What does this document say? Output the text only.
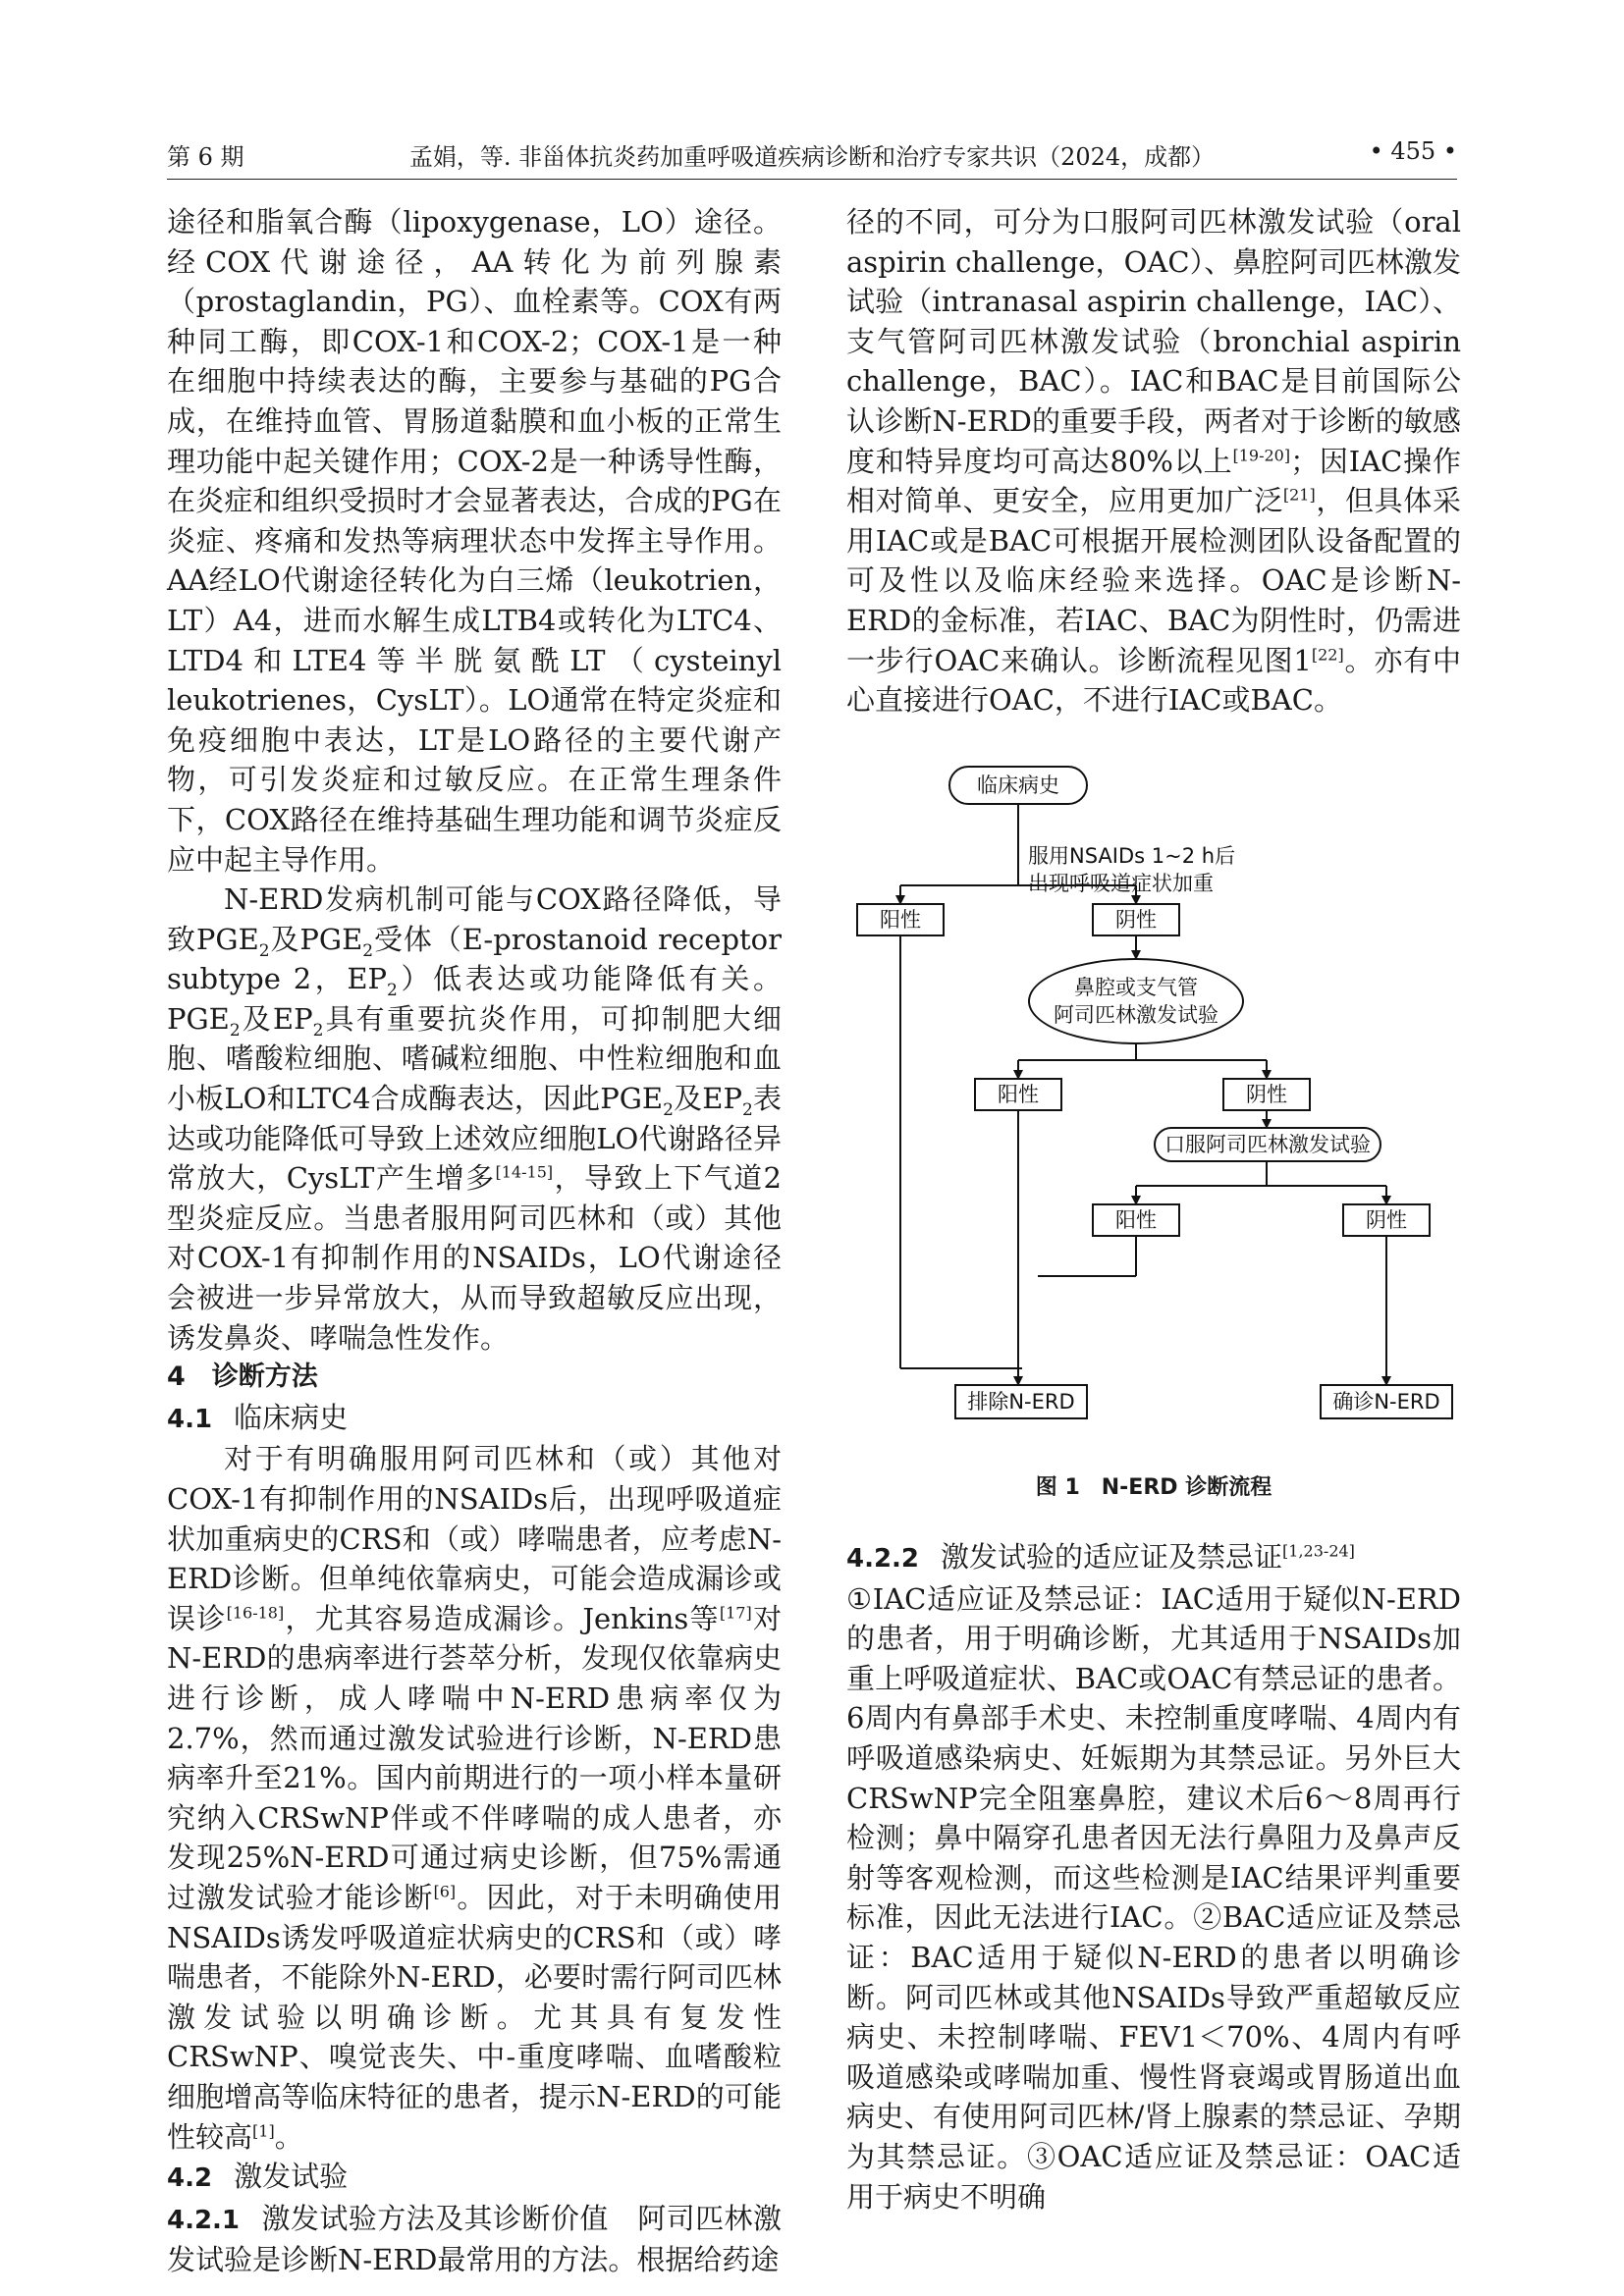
第 6 期	孟娟，等. 非甾体抗炎药加重呼吸道疾病诊断和治疗专家共识（2024，成都）	• 455 •

途径和脂氧合酶（lipoxygenase，LO）途径。经COX代谢途径，AA转化为前列腺素（prostaglandin，PG）、血栓素等。COX有两种同工酶，即COX-1和COX-2；COX-1是一种在细胞中持续表达的酶，主要参与基础的PG合成，在维持血管、胃肠道黏膜和血小板的正常生理功能中起关键作用；COX-2是一种诱导性酶，在炎症和组织受损时才会显著表达，合成的PG在炎症、疼痛和发热等病理状态中发挥主导作用。AA经LO代谢途径转化为白三烯（leukotrien，LT）A4，进而水解生成LTB4或转化为LTC4、LTD4和LTE4等半胱氨酰LT（cysteinyl leukotrienes，CysLT）。LO通常在特定炎症和免疫细胞中表达，LT是LO路径的主要代谢产物，可引发炎症和过敏反应。在正常生理条件下，COX路径在维持基础生理功能和调节炎症反应中起主导作用。

N-ERD发病机制可能与COX路径降低，导致$PGE_2$及$PGE_2$受体（E-prostanoid receptor subtype 2，$EP_2$）低表达或功能降低有关。$PGE_2$及$EP_2$具有重要抗炎作用，可抑制肥大细胞、嗜酸粒细胞、嗜碱粒细胞、中性粒细胞和血小板LO和LTC4合成酶表达，因此$PGE_2$及$EP_2$表达或功能降低可导致上述效应细胞LO代谢路径异常放大，CysLT产生增多[14-15]，导致上下气道2型炎症反应。当患者服用阿司匹林和（或）其他对COX-1有抑制作用的NSAIDs，LO代谢途径会被进一步异常放大，从而导致超敏反应出现，诱发鼻炎、哮喘急性发作。

4　诊断方法

4.1 临床病史

对于有明确服用阿司匹林和（或）其他对COX-1有抑制作用的NSAIDs后，出现呼吸道症状加重病史的CRS和（或）哮喘患者，应考虑N-ERD诊断。但单纯依靠病史，可能会造成漏诊或误诊[16-18]，尤其容易造成漏诊。Jenkins等[17]对N-ERD的患病率进行荟萃分析，发现仅依靠病史进行诊断，成人哮喘中N-ERD患病率仅为2.7%，然而通过激发试验进行诊断，N-ERD患病率升至21%。国内前期进行的一项小样本量研究纳入CRSwNP伴或不伴哮喘的成人患者，亦发现25%N-ERD可通过病史诊断，但75%需通过激发试验才能诊断[6]。因此，对于未明确使用NSAIDs诱发呼吸道症状病史的CRS和（或）哮喘患者，不能除外N-ERD，必要时需行阿司匹林激发试验以明确诊断。尤其具有复发性CRSwNP、嗅觉丧失、中-重度哮喘、血嗜酸粒细胞增高等临床特征的患者，提示N-ERD的可能性较高[1]。

4.2 激发试验

4.2.1 激发试验方法及其诊断价值　 阿司匹林激发试验是诊断N-ERD最常用的方法。根据给药途

径的不同，可分为口服阿司匹林激发试验（oral aspirin challenge，OAC）、鼻腔阿司匹林激发试验（intranasal aspirin challenge，IAC）、支气管阿司匹林激发试验（bronchial aspirin challenge，BAC）。IAC和BAC是目前国际公认诊断N-ERD的重要手段，两者对于诊断的敏感度和特异度均可高达80%以上[19-20]；因IAC操作相对简单、更安全，应用更加广泛[21]，但具体采用IAC或是BAC可根据开展检测团队设备配置的可及性以及临床经验来选择。OAC是诊断N-ERD的金标准，若IAC、BAC为阴性时，仍需进一步行OAC来确认。诊断流程见图1[22]。亦有中心直接进行OAC，不进行IAC或BAC。

临床病史
服用NSAIDs 1~2 h后
出现呼吸道症状加重
阳性	阴性
鼻腔或支气管
阿司匹林激发试验
阳性	阴性
口服阿司匹林激发试验
阳性	阴性
排除N-ERD	确诊N-ERD
图 1 N-ERD 诊断流程

4.2.2 激发试验的适应证及禁忌证[1,23-24]

①IAC适应证及禁忌证：IAC适用于疑似N-ERD的患者，用于明确诊断，尤其适用于NSAIDs加重上呼吸道症状、BAC或OAC有禁忌证的患者。6周内有鼻部手术史、未控制重度哮喘、4周内有呼吸道感染病史、妊娠期为其禁忌证。另外巨大CRSwNP完全阻塞鼻腔，建议术后6～8周再行检测；鼻中隔穿孔患者因无法行鼻阻力及鼻声反射等客观检测，而这些检测是IAC结果评判重要标准，因此无法进行IAC。②BAC适应证及禁忌证：BAC适用于疑似N-ERD的患者以明确诊断。阿司匹林或其他NSAIDs导致严重超敏反应病史、未控制哮喘、FEV1＜70%、4周内有呼吸道感染或哮喘加重、慢性肾衰竭或胃肠道出血病史、有使用阿司匹林/肾上腺素的禁忌证、孕期为其禁忌证。③OAC适应证及禁忌证：OAC适用于病史不明确
